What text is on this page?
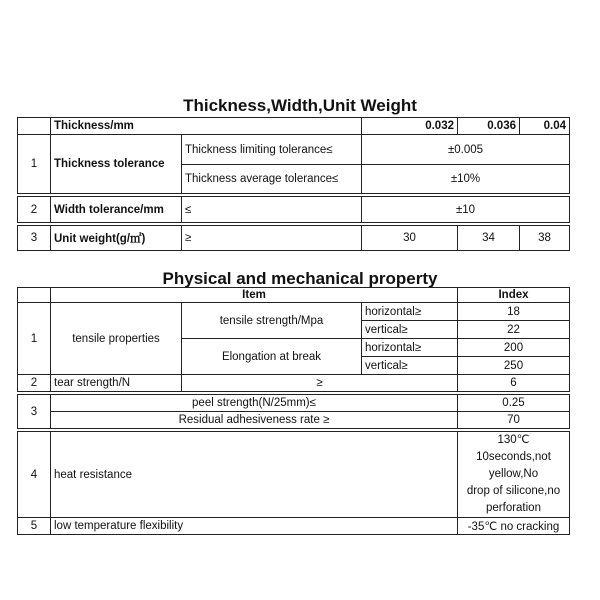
Thickness,Width,Unit Weight
	Thickness/mm		0.032	0.036	0.04
1	Thickness tolerance	Thickness limiting tolerance≤	±0.005		
		Thickness average tolerance≤	±10%		

2	Width tolerance/mm	≤	±10		

3	Unit weight(g/㎡)	≥	30	34	38
Physical and mechanical property
	Item			Index
1	tensile properties	tensile strength/Mpa	horizontal≥	18
			vertical≥	22
		Elongation at break	horizontal≥	200
			vertical≥	250
2	tear strength/N	≥		6

3	peel strength(N/25mm)≤			0.25
	Residual adhesiveness rate ≥			70

4	heat resistance			130℃ 10seconds,not yellow,No
drop of silicone,no perforation

5	low temperature flexibility			-35℃ no cracking
